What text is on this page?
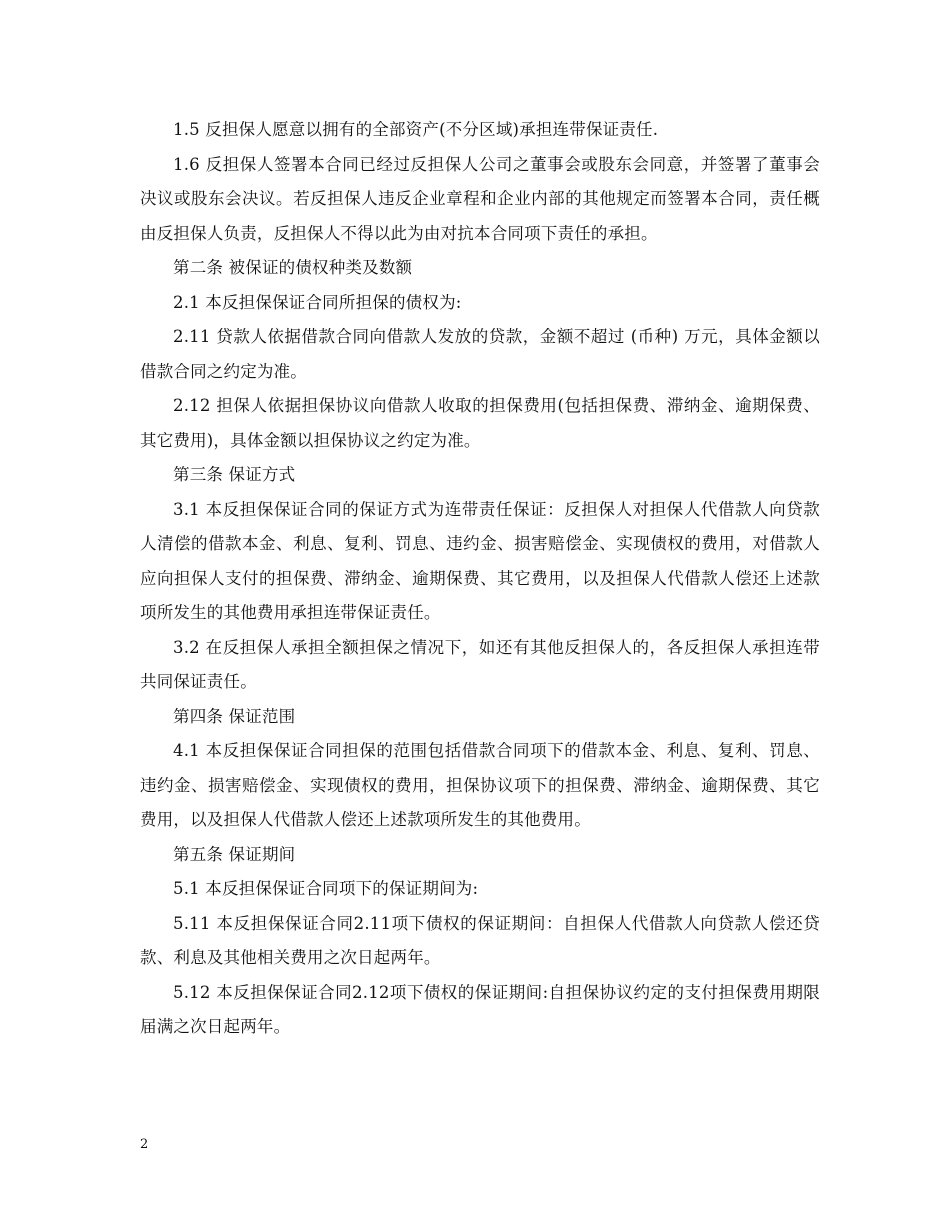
1.5 反担保人愿意以拥有的全部资产(不分区域)承担连带保证责任.

1.6 反担保人签署本合同已经过反担保人公司之董事会或股东会同意，并签署了董事会决议或股东会决议。若反担保人违反企业章程和企业内部的其他规定而签署本合同，责任概由反担保人负责，反担保人不得以此为由对抗本合同项下责任的承担。

第二条 被保证的债权种类及数额

2.1 本反担保保证合同所担保的债权为:

2.11 贷款人依据借款合同向借款人发放的贷款，金额不超过 (币种) 万元，具体金额以借款合同之约定为准。

2.12 担保人依据担保协议向借款人收取的担保费用(包括担保费、滞纳金、逾期保费、其它费用)，具体金额以担保协议之约定为准。

第三条 保证方式

3.1 本反担保保证合同的保证方式为连带责任保证：反担保人对担保人代借款人向贷款人清偿的借款本金、利息、复利、罚息、违约金、损害赔偿金、实现债权的费用，对借款人应向担保人支付的担保费、滞纳金、逾期保费、其它费用，以及担保人代借款人偿还上述款项所发生的其他费用承担连带保证责任。

3.2 在反担保人承担全额担保之情况下，如还有其他反担保人的，各反担保人承担连带共同保证责任。

第四条 保证范围

4.1 本反担保保证合同担保的范围包括借款合同项下的借款本金、利息、复利、罚息、违约金、损害赔偿金、实现债权的费用，担保协议项下的担保费、滞纳金、逾期保费、其它费用，以及担保人代借款人偿还上述款项所发生的其他费用。

第五条 保证期间

5.1 本反担保保证合同项下的保证期间为:

5.11 本反担保保证合同2.11项下债权的保证期间：自担保人代借款人向贷款人偿还贷款、利息及其他相关费用之次日起两年。

5.12 本反担保保证合同2.12项下债权的保证期间:自担保协议约定的支付担保费用期限届满之次日起两年。

2
